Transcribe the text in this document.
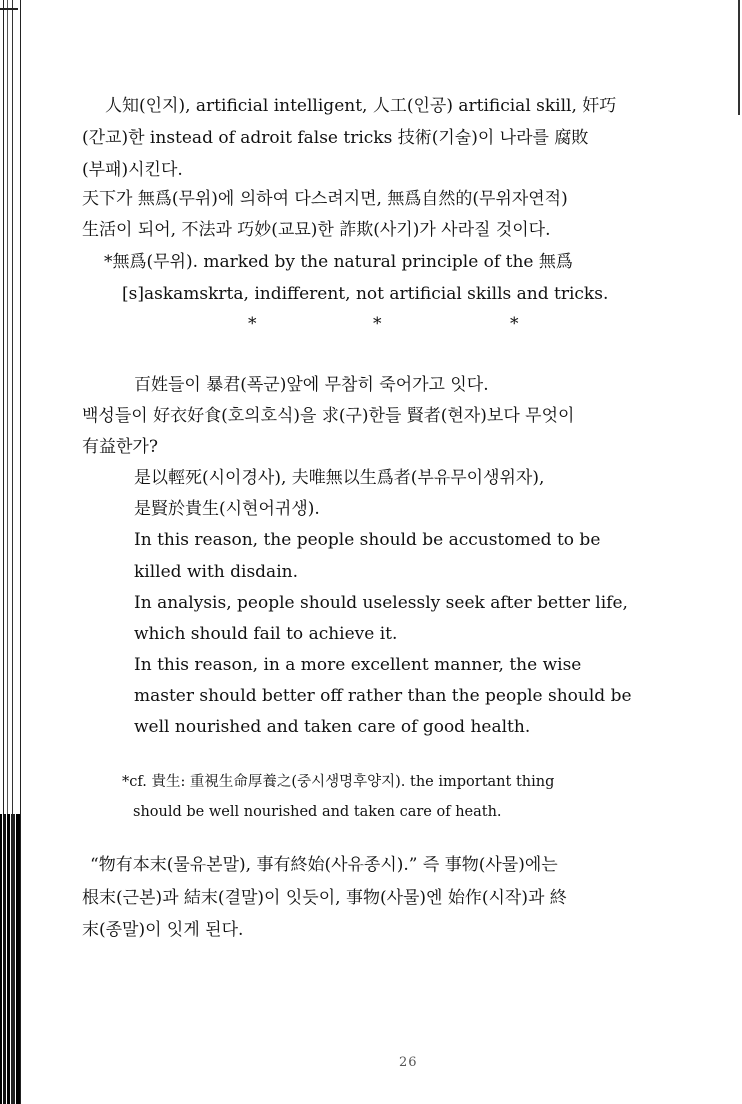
人知(인지), artificial intelligent, 人工(인공) artificial skill, 奸巧
(간교)한 instead of adroit false tricks 技術(기술)이 나라를 腐敗
(부패)시킨다.
天下가 無爲(무위)에 의하여 다스려지면, 無爲自然的(무위자연적)
生活이 되어, 不法과 巧妙(교묘)한 詐欺(사기)가 사라질 것이다.
*無爲(무위). marked by the natural principle of the 無爲
[s]askamskrta, indifferent, not artificial skills and tricks.
*	*	*
百姓들이 暴君(폭군)앞에 무참히 죽어가고 잇다.
백성들이 好衣好食(호의호식)을 求(구)한들 賢者(현자)보다 무엇이
有益한가?
是以輕死(시이경사), 夫唯無以生爲者(부유무이생위자),
是賢於貴生(시현어귀생).
In this reason, the people should be accustomed to be
killed with disdain.
In analysis, people should uselessly seek after better life,
which should fail to achieve it.
In this reason, in a more excellent manner, the wise
master should better off rather than the people should be
well nourished and taken care of good health.
*cf. 貴生: 重視生命厚養之(중시생명후양지). the important thing
should be well nourished and taken care of heath.
“物有本末(물유본말), 事有終始(사유종시).” 즉 事物(사물)에는
根末(근본)과 結末(결말)이 잇듯이, 事物(사물)엔 始作(시작)과 終
末(종말)이 잇게 된다.
26
